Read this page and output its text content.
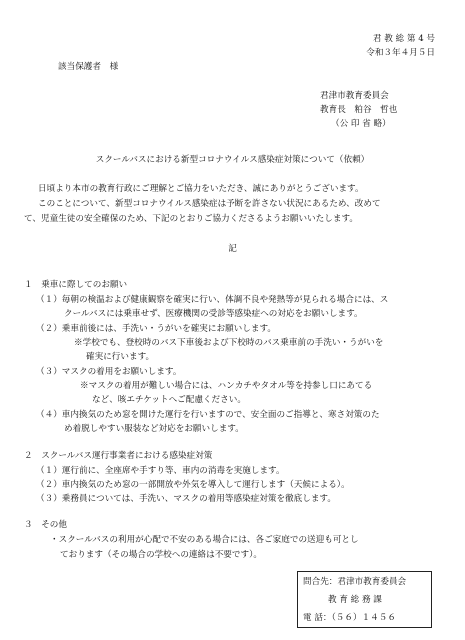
君 教 総 第 4 号
令和３年４月５日
該当保護者　様
君津市教育委員会
教育長　粕谷　哲也
（公 印 省 略）
スクールバスにおける新型コロナウイルス感染症対策について（依頼）
日頃より本市の教育行政にご理解とご協力をいただき、誠にありがとうございます。
このことについて、新型コロナウイルス感染症は予断を許さない状況にあるため、改めて
て、児童生徒の安全確保のため、下記のとおりご協力くださるようお願いいたします。
記
１　乗車に際してのお願い
（１）毎朝の検温および健康観察を確実に行い、体調不良や発熱等が見られる場合には、ス
クールバスには乗車せず、医療機関の受診等感染症への対応をお願いします。
（２）乗車前後には、手洗い・うがいを確実にお願いします。
※学校でも、登校時のバス下車後および下校時のバス乗車前の手洗い・うがいを
確実に行います。
（３）マスクの着用をお願いします。
※マスクの着用が難しい場合には、ハンカチやタオル等を持参し口にあてる
など、咳エチケットへご配慮ください。
（４）車内換気のため窓を開けた運行を行いますので、安全面のご指導と、寒さ対策のた
め着脱しやすい服装など対応をお願いします。
２　スクールバス運行事業者における感染症対策
（１）運行前に、全座席や手すり等、車内の消毒を実施します。
（２）車内換気のため窓の一部開放や外気を導入して運行します（天候による）。
（３）乗務員については、手洗い、マスクの着用等感染症対策を徹底します。
３　その他
・スクールバスの利用が心配で不安のある場合には、各ご家庭での送迎も可とし
ております（その場合の学校への連絡は不要です）。
問合先：君津市教育委員会
教 育 総 務 課
電 話：（５６）１４５６
